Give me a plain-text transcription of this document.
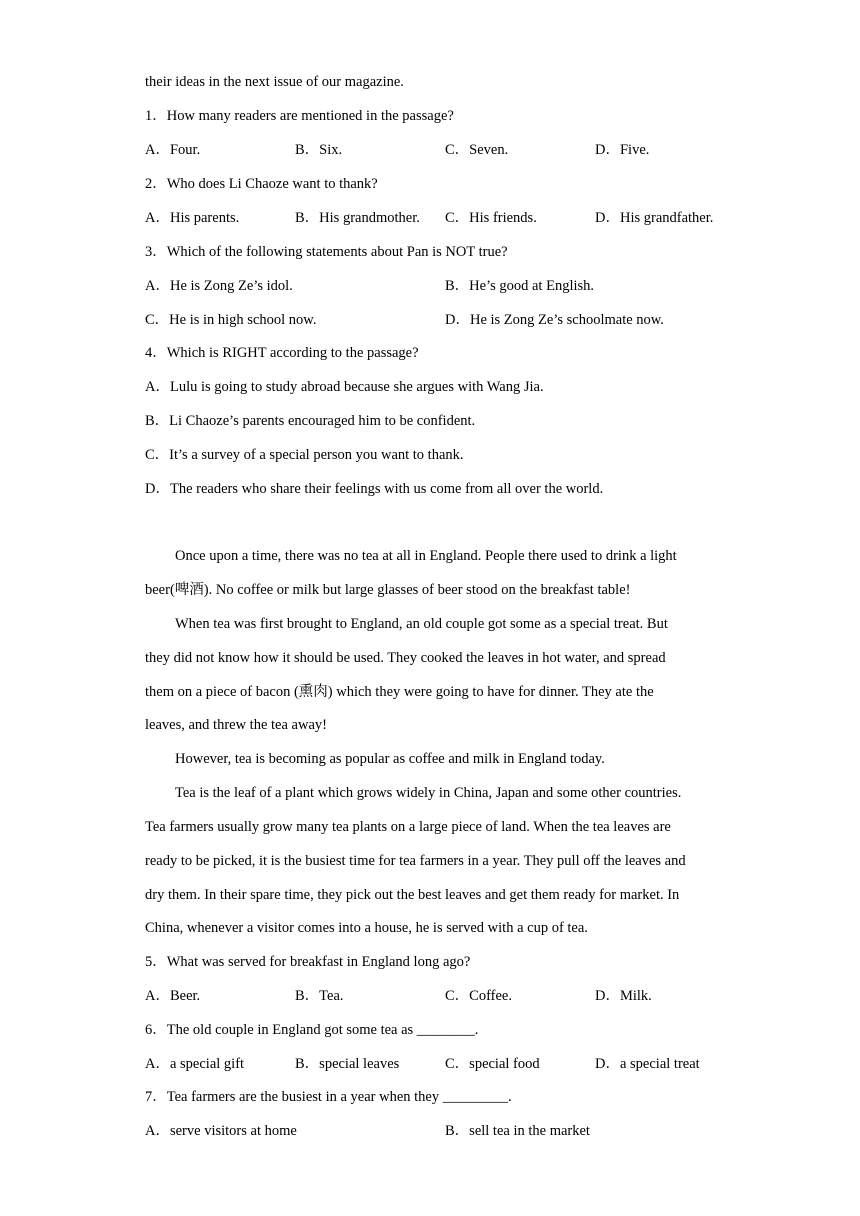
their ideas in the next issue of our magazine.
1．How many readers are mentioned in the passage?
A．Four.	B．Six.	C．Seven.	D．Five.
2．Who does Li Chaoze want to thank?
A．His parents.	B．His grandmother. C．His friends.	D．His grandfather.
3．Which of the following statements about Pan is NOT true?
A．He is Zong Ze’s idol.	B．He’s good at English.
C．He is in high school now.	D．He is Zong Ze’s schoolmate now.
4．Which is RIGHT according to the passage?
A．Lulu is going to study abroad because she argues with Wang Jia.
B．Li Chaoze’s parents encouraged him to be confident.
C．It’s a survey of a special person you want to thank.
D．The readers who share their feelings with us come from all over the world.
Once upon a time, there was no tea at all in England. People there used to drink a light
beer(啤酒). No coffee or milk but large glasses of beer stood on the breakfast table!
When tea was first brought to England, an old couple got some as a special treat. But
they did not know how it should be used. They cooked the leaves in hot water, and spread
them on a piece of bacon (熏肉) which they were going to have for dinner. They ate the
leaves, and threw the tea away!
However, tea is becoming as popular as coffee and milk in England today.
Tea is the leaf of a plant which grows widely in China, Japan and some other countries.
Tea farmers usually grow many tea plants on a large piece of land. When the tea leaves are
ready to be picked, it is the busiest time for tea farmers in a year. They pull off the leaves and
dry them. In their spare time, they pick out the best leaves and get them ready for market. In
China, whenever a visitor comes into a house, he is served with a cup of tea.
5．What was served for breakfast in England long ago?
A．Beer.	B．Tea.	C．Coffee.	D．Milk.
6．The old couple in England got some tea as ________.
A．a special gift	B．special leaves	C．special food	D．a special treat
7．Tea farmers are the busiest in a year when they _________.
A．serve visitors at home	B．sell tea in the market
